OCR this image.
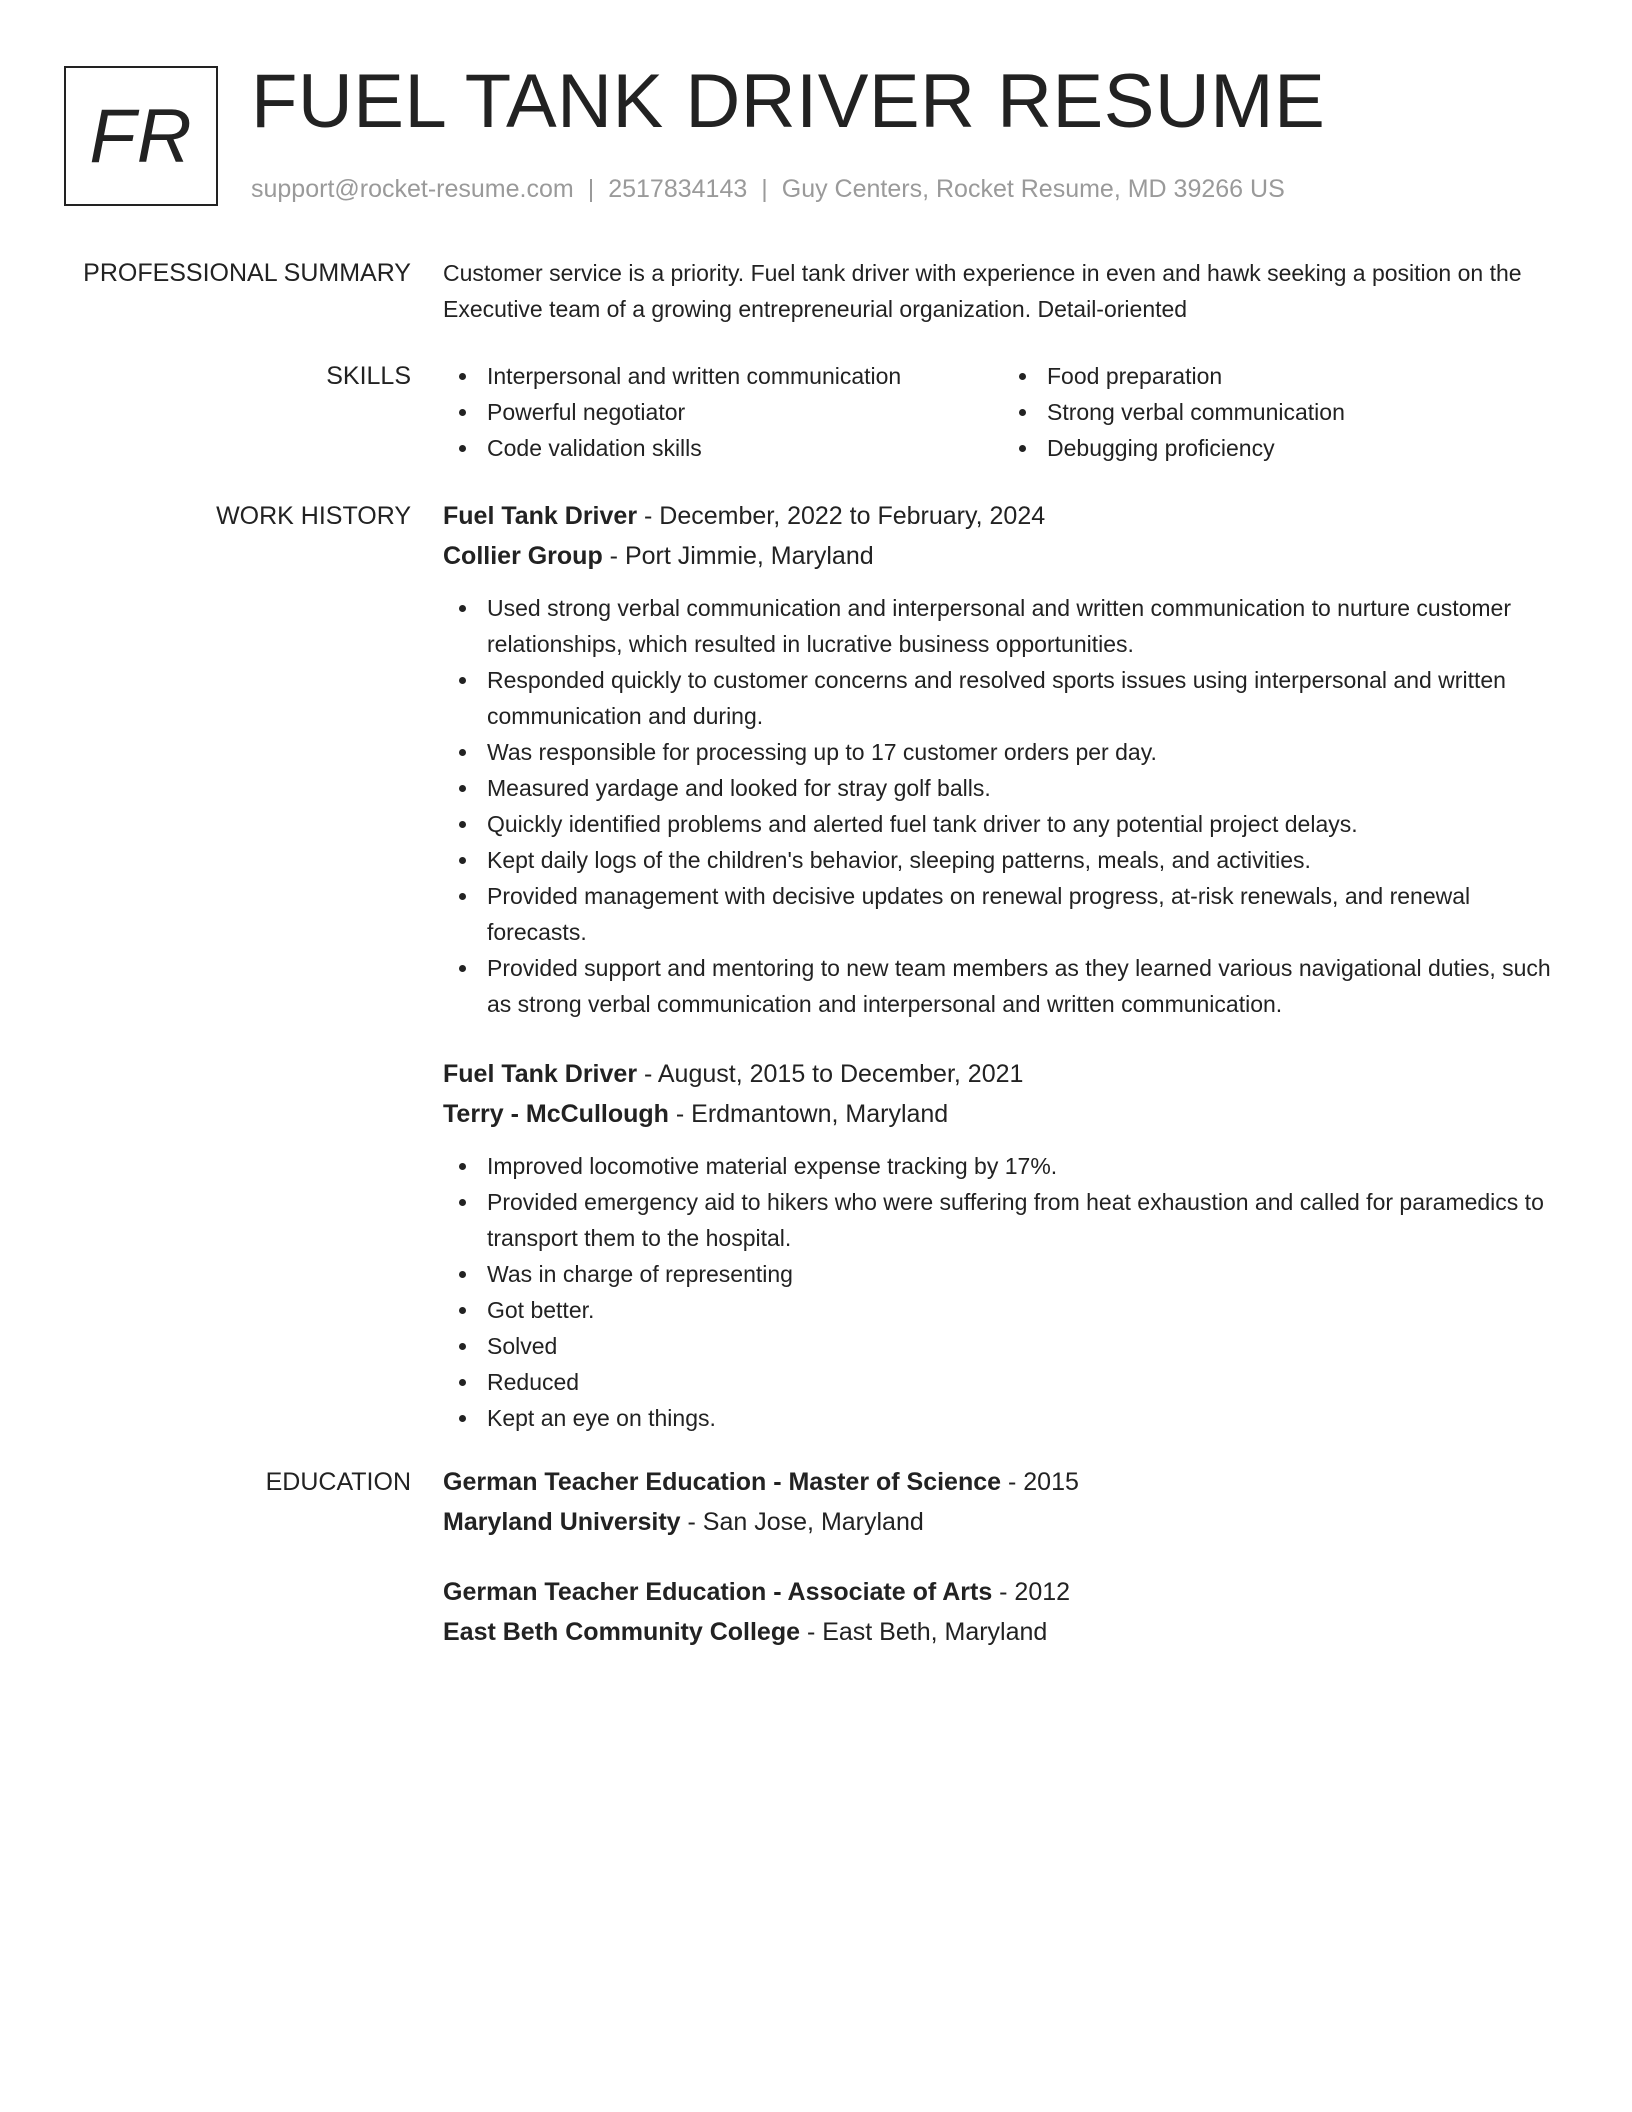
FR FUEL TANK DRIVER RESUME
support@rocket-resume.com | 2517834143 | Guy Centers, Rocket Resume, MD 39266 US
PROFESSIONAL SUMMARY Customer service is a priority. Fuel tank driver with experience in even and hawk seeking a position on the Executive team of a growing entrepreneurial organization. Detail-oriented

SKILLS	Interpersonal and written communication
Powerful negotiator
Code validation skills
Food preparation
Strong verbal communication
Debugging proficiency
WORK HISTORY Fuel Tank Driver - December, 2022 to February, 2024
Collier Group - Port Jimmie, Maryland
Used strong verbal communication and interpersonal and written communication to nurture customer relationships, which resulted in lucrative business opportunities.
Responded quickly to customer concerns and resolved sports issues using interpersonal and written communication and during.
Was responsible for processing up to 17 customer orders per day.
Measured yardage and looked for stray golf balls.
Quickly identified problems and alerted fuel tank driver to any potential project delays.
Kept daily logs of the children's behavior, sleeping patterns, meals, and activities.
Provided management with decisive updates on renewal progress, at-risk renewals, and renewal forecasts.
Provided support and mentoring to new team members as they learned various navigational duties, such as strong verbal communication and interpersonal and written communication.
Fuel Tank Driver - August, 2015 to December, 2021
Terry - McCullough - Erdmantown, Maryland
Improved locomotive material expense tracking by 17%.
Provided emergency aid to hikers who were suffering from heat exhaustion and called for paramedics to transport them to the hospital.
Was in charge of representing
Got better.
Solved
Reduced
Kept an eye on things.
EDUCATION German Teacher Education - Master of Science - 2015
Maryland University - San Jose, Maryland
German Teacher Education - Associate of Arts - 2012
East Beth Community College - East Beth, Maryland
